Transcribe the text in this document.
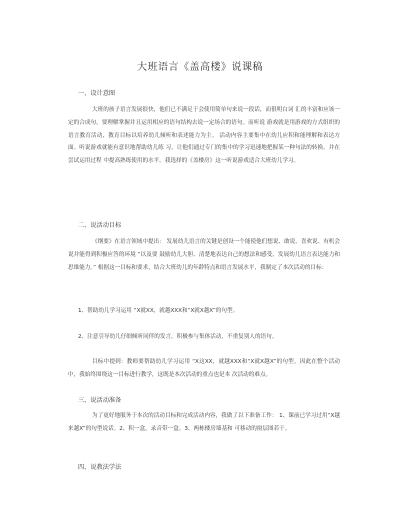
大班语言《盖高楼》说课稿
一、设计意图
大班的孩子语言发展很快，他们已不满足于会使用简单句来说一段话，而很明白词 汇的丰富和应该一定的合成句，要理解掌握并且运用相应的语句结构去说一定场合的语句。而听说 游戏就是用游戏的方式组织的语言教育活动，教育目标以培养幼儿倾听和表述能力为主。 活动内容主要集中在幼儿应积和能理解和表达方面。听说游戏就能有意识地帮助幼儿练 习，让他们通过专门的集中的学习迅速地把握某一种句法的转换，并在尝试运用过程 中提高熟练使用的水平。我选择的《盖楼房》这一听说游戏适合大班幼儿学习。
二、说活动目标
《纲要》在语言领域中提出： 发展幼儿语言的关键是创设一个能使他们想说、敢说、喜欢说、有机会说并能得到积极应答的环境 “以及要 鼓励幼儿大胆、清楚地表达自己的想法和感受，发展幼儿语言表达能力和思维能力。” 根据这一目标和要求，结合大班幼儿的年龄特点和语言发展水平，我制定了本次活动的目标：
1、帮助幼儿学习运用 “X就XX，就越XXX和“X就X越X”的句型。
2、注意引导幼儿仔细倾听同伴的发言，积极参与集体活动，不重复别人的语句。
目标中提到：教师要帮助幼儿学习运用 “X这XX，就越XXX和“X就X越X”的句型。因此在整个活动中，我始终围绕这一目标进行教学，这既是本次活动的重点也是本 次活动的难点。
三、说活动准备
为了更好地服务于本次的活动目标和完成活动内容，我做了以下准备工作： 1、课前已学习过用“X越来越X”的句型说话。2、积一盒，录音带一盒。3、两栋楼房墙基和 可移动的窗层图若干。
四、说教法学法
